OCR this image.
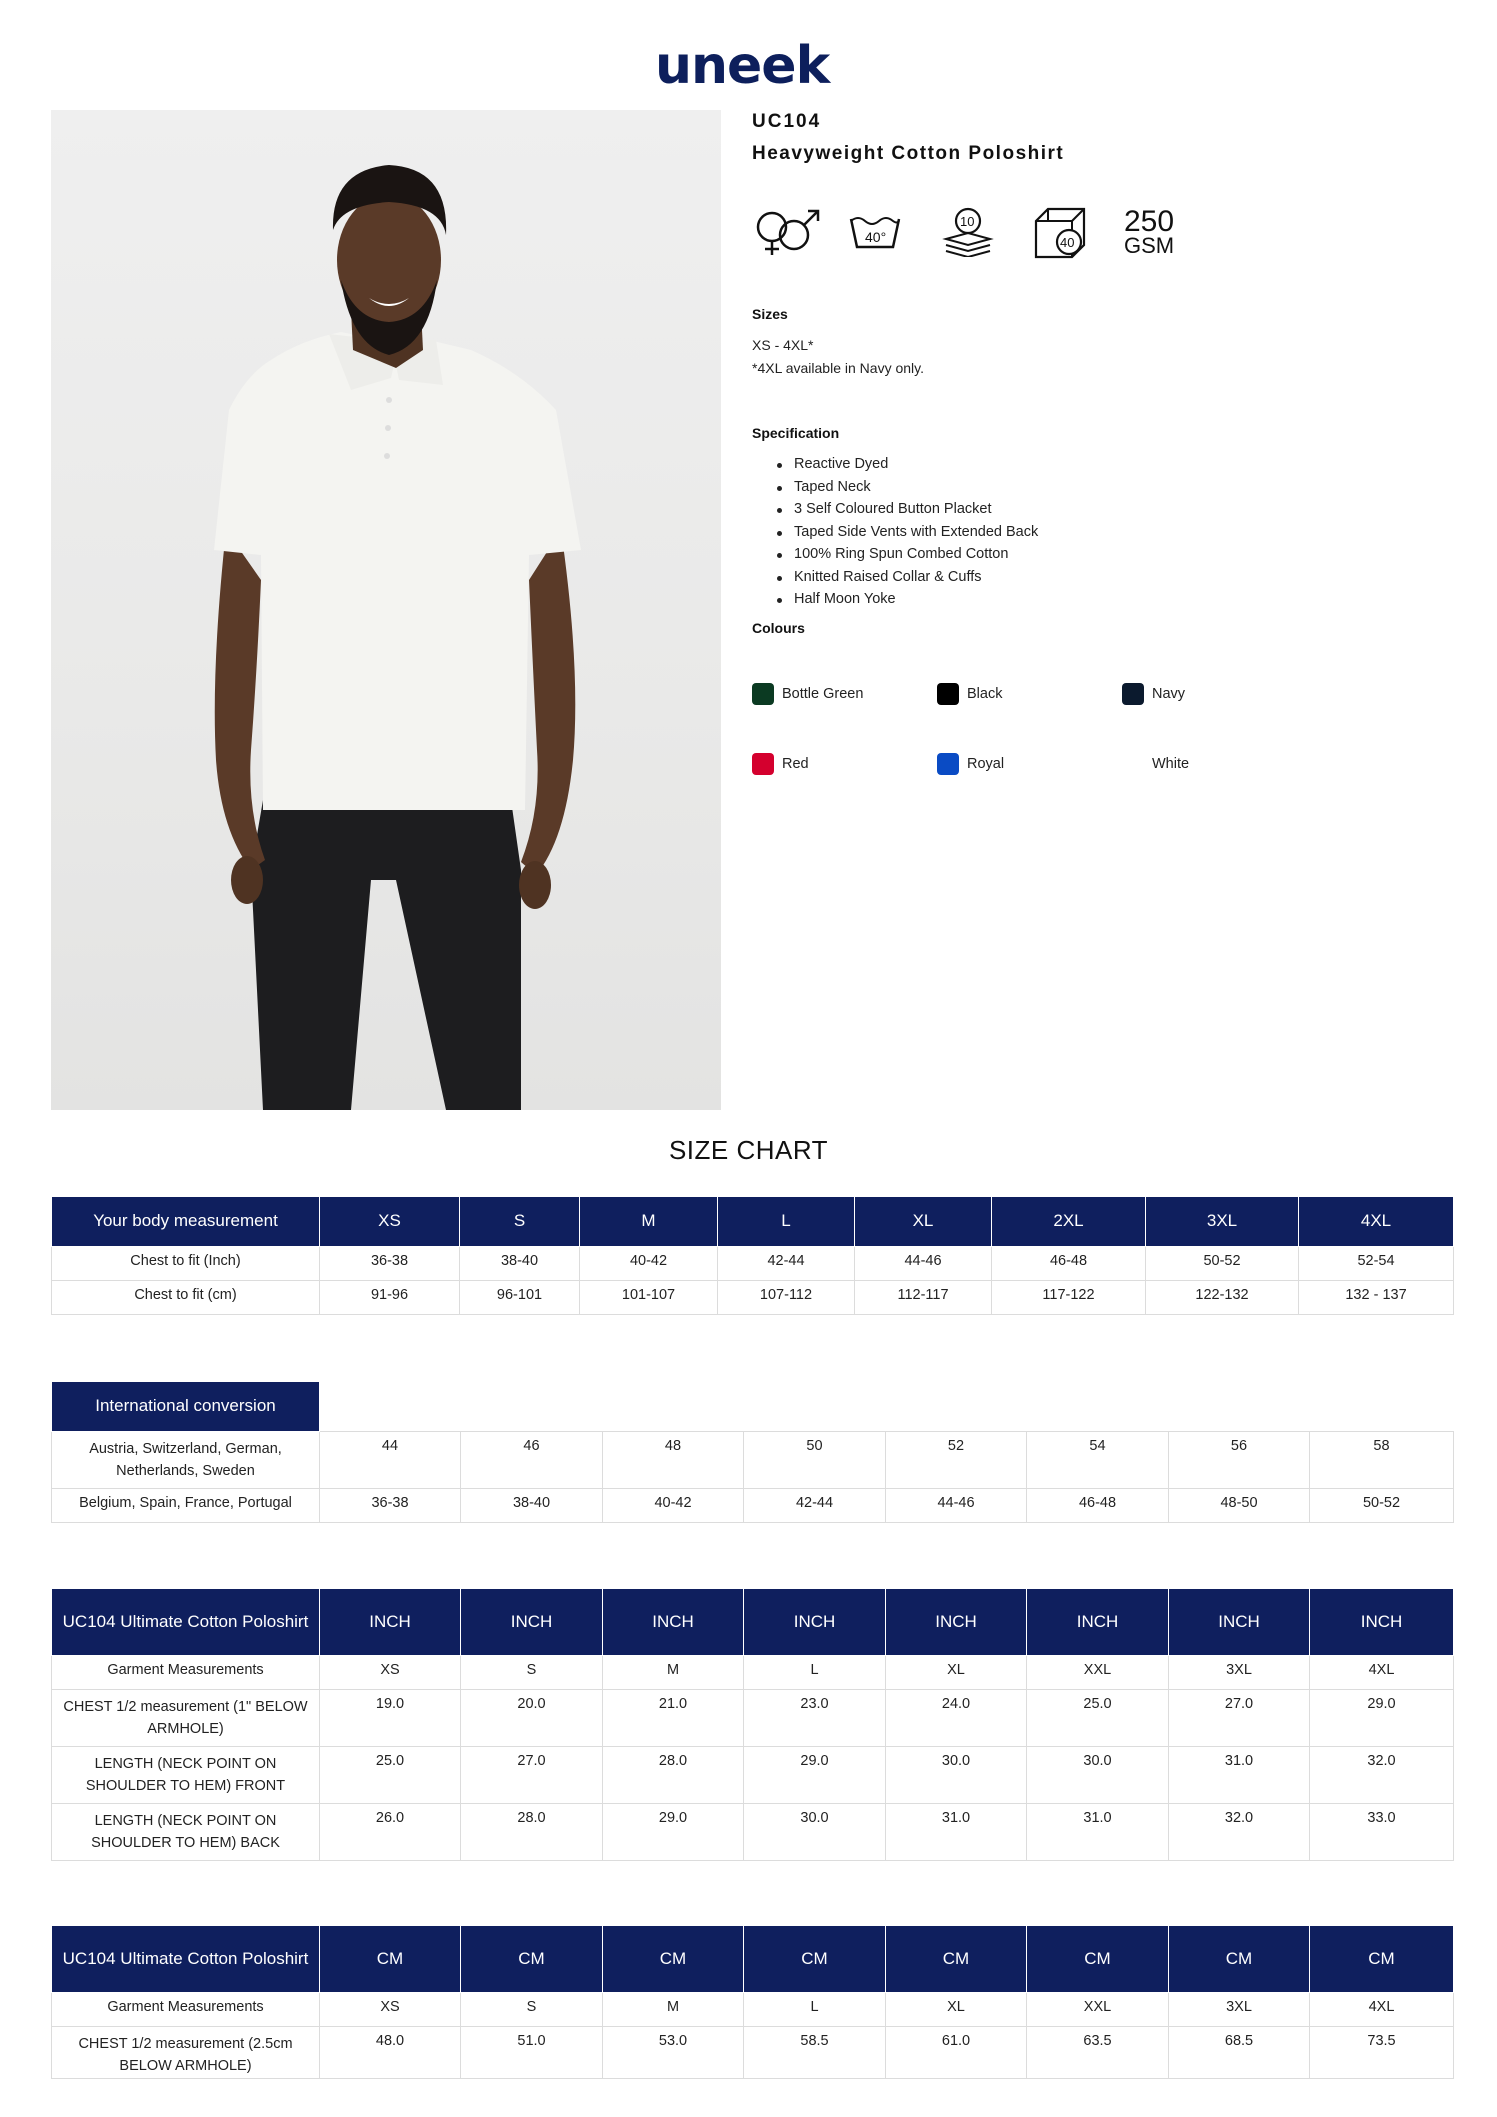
uneek
UC104
Heavyweight Cotton Poloshirt
40°
10
40
250
GSM
Sizes
XS - 4XL*
*4XL available in Navy only.
Specification
Reactive Dyed
Taped Neck
3 Self Coloured Button Placket
Taped Side Vents with Extended Back
100% Ring Spun Combed Cotton
Knitted Raised Collar & Cuffs
Half Moon Yoke
Colours
Bottle Green	Black	Navy
Red	Royal	White
SIZE CHART
Your body measurement	XS	S	M	L	XL	2XL	3XL	4XL
Chest to fit (Inch)	36-38	38-40	40-42	42-44	44-46	46-48	50-52	52-54
Chest to fit (cm)	91-96	96-101	101-107	107-112	112-117	117-122	122-132	132 - 137
International conversion								
Austria, Switzerland, German, Netherlands, Sweden	44	46	48	50	52	54	56	58
Belgium, Spain, France, Portugal	36-38	38-40	40-42	42-44	44-46	46-48	48-50	50-52
UC104 Ultimate Cotton Poloshirt	INCH	INCH	INCH	INCH	INCH	INCH	INCH	INCH
Garment Measurements	XS	S	M	L	XL	XXL	3XL	4XL
CHEST 1/2 measurement (1" BELOW ARMHOLE)	19.0	20.0	21.0	23.0	24.0	25.0	27.0	29.0
LENGTH (NECK POINT ON SHOULDER TO HEM) FRONT	25.0	27.0	28.0	29.0	30.0	30.0	31.0	32.0
LENGTH (NECK POINT ON SHOULDER TO HEM) BACK	26.0	28.0	29.0	30.0	31.0	31.0	32.0	33.0
UC104 Ultimate Cotton Poloshirt	CM	CM	CM	CM	CM	CM	CM	CM
Garment Measurements	XS	S	M	L	XL	XXL	3XL	4XL
CHEST 1/2 measurement (2.5cm BELOW ARMHOLE)	48.0	51.0	53.0	58.5	61.0	63.5	68.5	73.5
